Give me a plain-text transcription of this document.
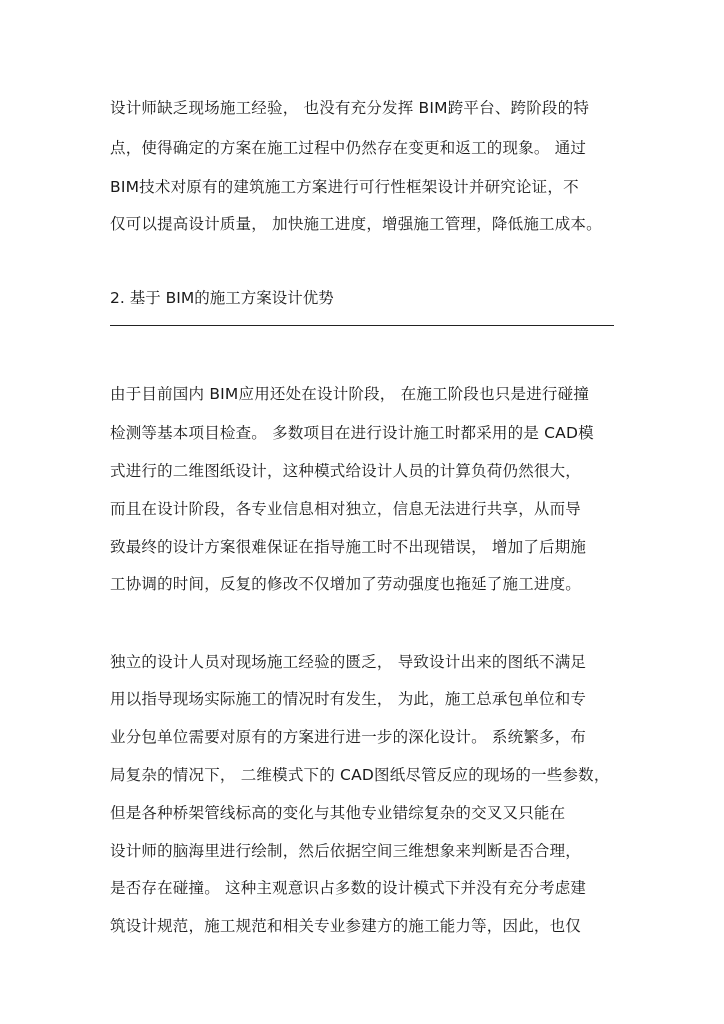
设计师缺乏现场施工经验， 也没有充分发挥 BIM跨平台、跨阶段的特
点，使得确定的方案在施工过程中仍然存在变更和返工的现象。 通过
BIM技术对原有的建筑施工方案进行可行性框架设计并研究论证，不
仅可以提高设计质量， 加快施工进度，增强施工管理，降低施工成本。
2. 基于 BIM的施工方案设计优势
由于目前国内 BIM应用还处在设计阶段， 在施工阶段也只是进行碰撞
检测等基本项目检查。 多数项目在进行设计施工时都采用的是 CAD模
式进行的二维图纸设计，这种模式给设计人员的计算负荷仍然很大，
而且在设计阶段，各专业信息相对独立，信息无法进行共享，从而导
致最终的设计方案很难保证在指导施工时不出现错误， 增加了后期施
工协调的时间，反复的修改不仅增加了劳动强度也拖延了施工进度。
独立的设计人员对现场施工经验的匮乏， 导致设计出来的图纸不满足
用以指导现场实际施工的情况时有发生， 为此，施工总承包单位和专
业分包单位需要对原有的方案进行进一步的深化设计。 系统繁多，布
局复杂的情况下， 二维模式下的 CAD图纸尽管反应的现场的一些参数，
但是各种桥架管线标高的变化与其他专业错综复杂的交叉又只能在
设计师的脑海里进行绘制，然后依据空间三维想象来判断是否合理，
是否存在碰撞。 这种主观意识占多数的设计模式下并没有充分考虑建
筑设计规范，施工规范和相关专业参建方的施工能力等，因此，也仅
